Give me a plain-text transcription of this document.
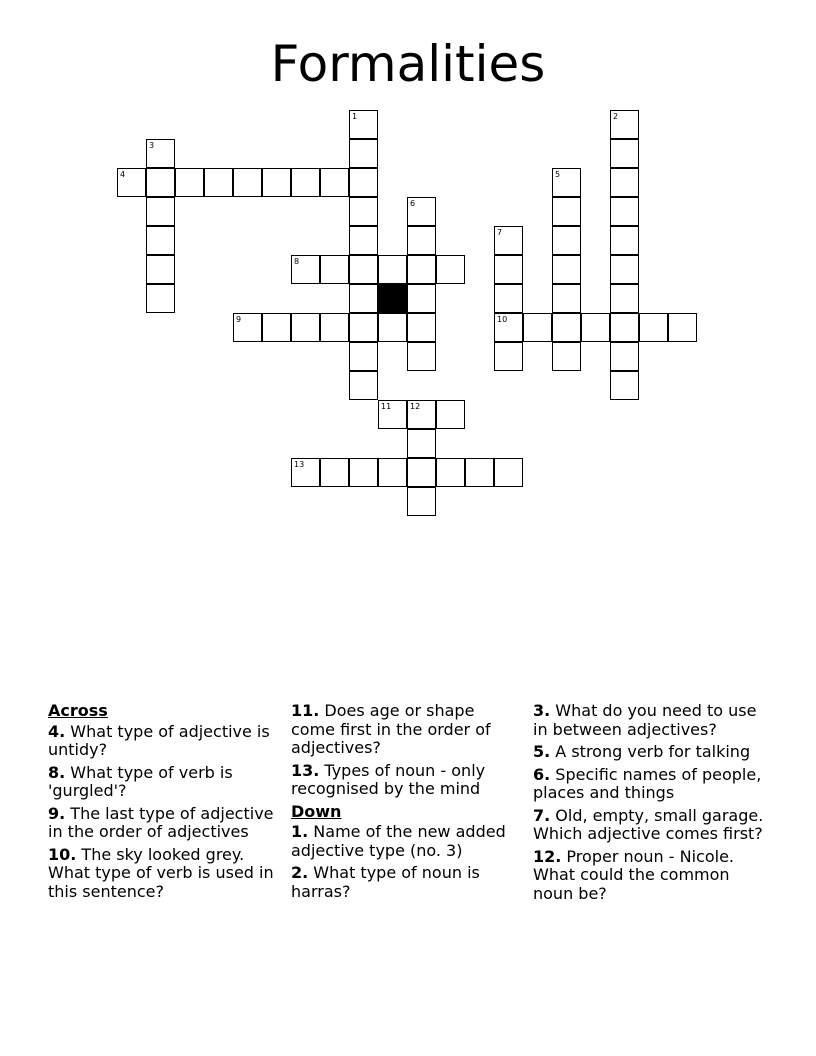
Formalities
1	2
3
4	5
6
7
10
8
9
11 12
13
Across
4. What type of adjective is untidy?
8. What type of verb is 'gurgled'?
9. The last type of adjective in the order of adjectives
10. The sky looked grey. What type of verb is used in this sentence?
11. Does age or shape come first in the order of adjectives?
13. Types of noun - only recognised by the mind
Down
1. Name of the new added adjective type (no. 3)
2. What type of noun is harras?
3. What do you need to use in between adjectives?
5. A strong verb for talking
6. Specific names of people, places and things
7. Old, empty, small garage. Which adjective comes first?
12. Proper noun - Nicole. What could the common noun be?
